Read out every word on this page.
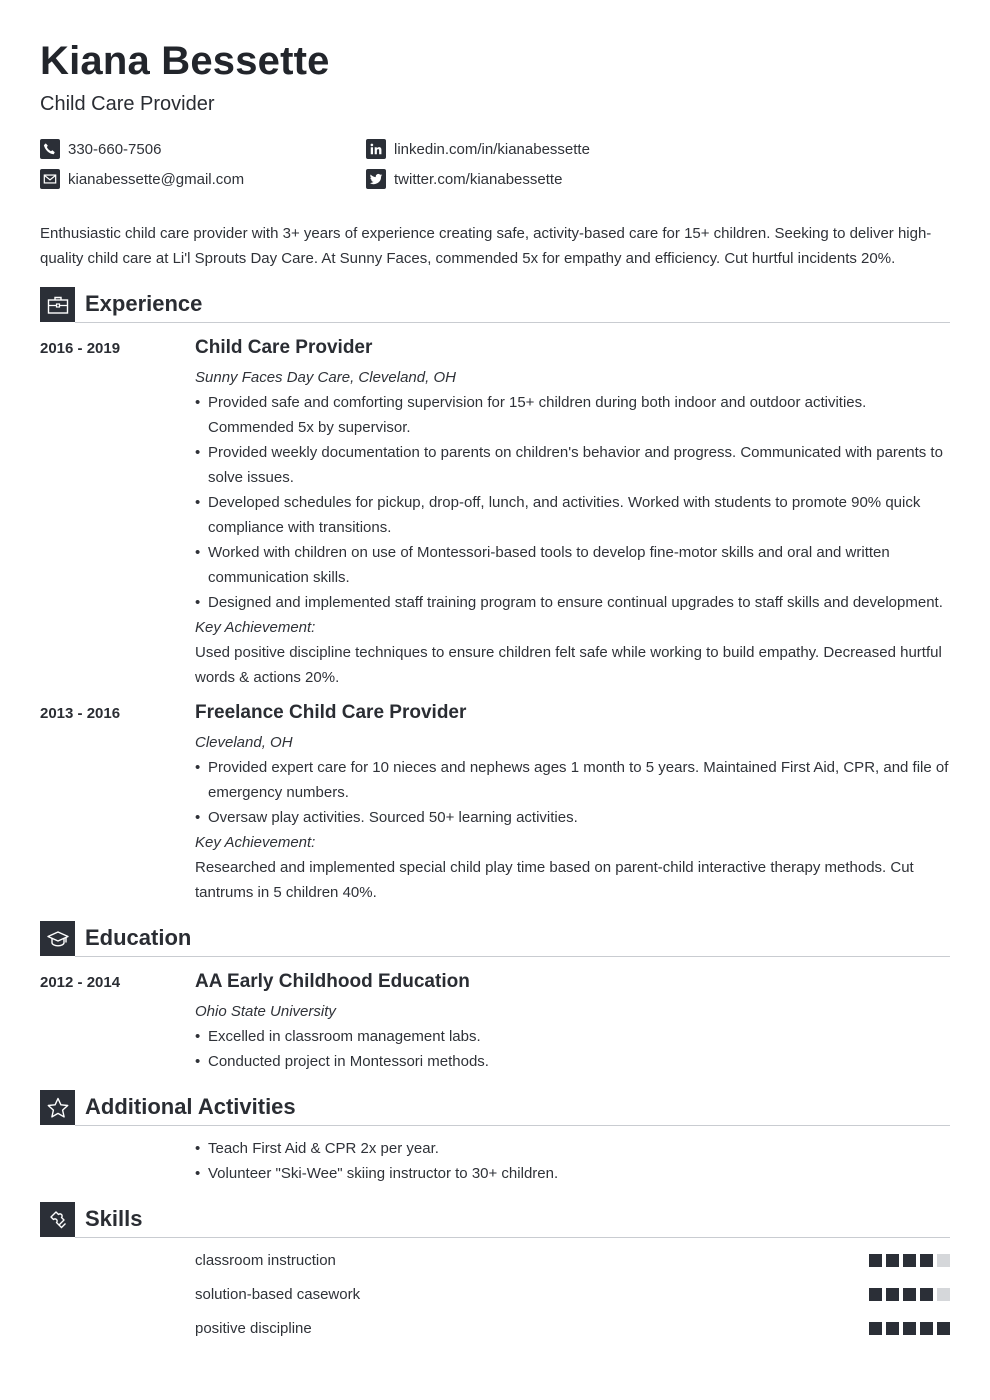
Kiana Bessette
Child Care Provider
330-660-7506
kianabessette@gmail.com
linkedin.com/in/kianabessette
twitter.com/kianabessette
Enthusiastic child care provider with 3+ years of experience creating safe, activity-based care for 15+ children. Seeking to deliver high-quality child care at Li'l Sprouts Day Care. At Sunny Faces, commended 5x for empathy and efficiency. Cut hurtful incidents 20%.
Experience
2016 - 2019	Child Care Provider
Sunny Faces Day Care, Cleveland, OH
• Provided safe and comforting supervision for 15+ children during both indoor and outdoor activities. Commended 5x by supervisor.
• Provided weekly documentation to parents on children's behavior and progress. Communicated with parents to solve issues.
• Developed schedules for pickup, drop-off, lunch, and activities. Worked with students to promote 90% quick compliance with transitions.
• Worked with children on use of Montessori-based tools to develop fine-motor skills and oral and written communication skills.
• Designed and implemented staff training program to ensure continual upgrades to staff skills and development.
Key Achievement:
Used positive discipline techniques to ensure children felt safe while working to build empathy. Decreased hurtful words & actions 20%.
2013 - 2016	Freelance Child Care Provider
Cleveland, OH
• Provided expert care for 10 nieces and nephews ages 1 month to 5 years. Maintained First Aid, CPR, and file of emergency numbers.
• Oversaw play activities. Sourced 50+ learning activities.
Key Achievement:
Researched and implemented special child play time based on parent-child interactive therapy methods. Cut tantrums in 5 children 40%.
Education
2012 - 2014	AA Early Childhood Education
Ohio State University
• Excelled in classroom management labs.
• Conducted project in Montessori methods.
Additional Activities
• Teach First Aid & CPR 2x per year.
• Volunteer "Ski-Wee" skiing instructor to 30+ children.
Skills
classroom instruction
solution-based casework
positive discipline
